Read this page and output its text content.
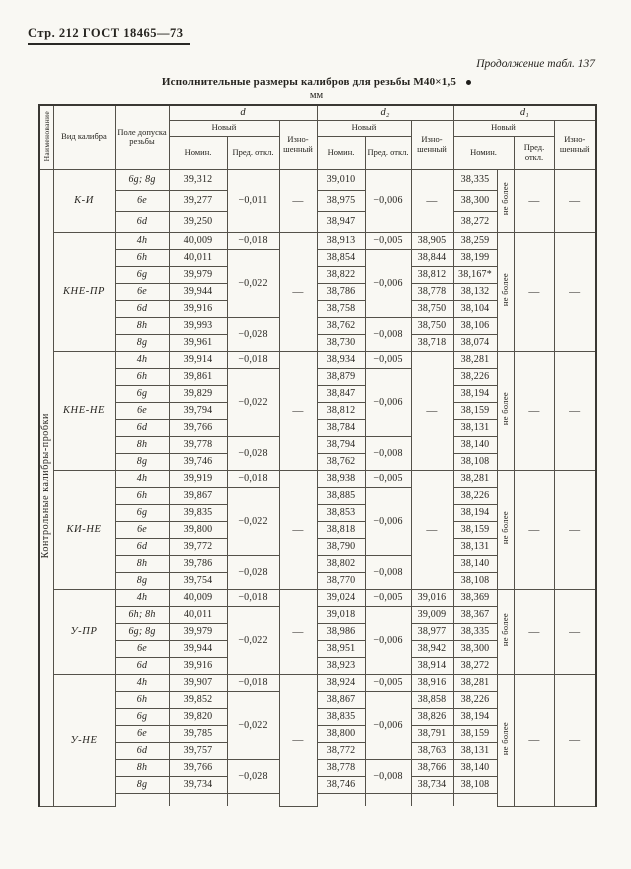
Стр. 212 ГОСТ 18465—73
Продолжение табл. 137
Исполнительные размеры калибров для резьбы М40×1,5
мм
Наименование	Вид калибра	Поле допуска резьбы	d			d₂			d₁			
			Новый		Изно-шенный	Новый		Изно-шенный	Новый			Изно-шенный
			Номин.	Пред. откл.		Номин.	Пред. откл.		Номин.		Пред. откл.	
Контрольные калибры-пробки	К-И	6g; 8g	39,312	−0,011	—	39,010	−0,006	—	38,335	не более	—	—
		6e	39,277			38,975			38,300			
		6d	39,250			38,947			38,272			
	КНЕ-ПР	4h	40,009	−0,018	—	38,913	−0,005	38,905	38,259	не более	—	—
		6h	40,011	−0,022		38,854	−0,006	38,844	38,199			
		6g	39,979			38,822		38,812	38,167*			
		6e	39,944			38,786		38,778	38,132			
		6d	39,916			38,758		38,750	38,104			
		8h	39,993	−0,028		38,762	−0,008	38,750	38,106			
		8g	39,961			38,730		38,718	38,074			
	КНЕ-НЕ	4h	39,914	−0,018	—	38,934	−0,005	—	38,281	не более	—	—
		6h	39,861	−0,022		38,879	−0,006		38,226			
		6g	39,829			38,847			38,194			
		6e	39,794			38,812			38,159			
		6d	39,766			38,784			38,131			
		8h	39,778	−0,028		38,794	−0,008		38,140			
		8g	39,746			38,762			38,108			
	КИ-НЕ	4h	39,919	−0,018	—	38,938	−0,005	—	38,281	не более	—	—
		6h	39,867	−0,022		38,885	−0,006		38,226			
		6g	39,835			38,853			38,194			
		6e	39,800			38,818			38,159			
		6d	39,772			38,790			38,131			
		8h	39,786	−0,028		38,802	−0,008		38,140			
		8g	39,754			38,770			38,108			
	У-ПР	4h	40,009	−0,018	—	39,024	−0,005	39,016	38,369	не более	—	—
		6h; 8h	40,011	−0,022		39,018	−0,006	39,009	38,367			
		6g; 8g	39,979			38,986		38,977	38,335			
		6e	39,944			38,951		38,942	38,300			
		6d	39,916			38,923		38,914	38,272			
	У-НЕ	4h	39,907	−0,018	—	38,924	−0,005	38,916	38,281	не более	—	—
		6h	39,852	−0,022		38,867	−0,006	38,858	38,226			
		6g	39,820			38,835		38,826	38,194			
		6e	39,785			38,800		38,791	38,159			
		6d	39,757			38,772		38,763	38,131			
		8h	39,766	−0,028		38,778	−0,008	38,766	38,140			
		8g	39,734			38,746		38,734	38,108			
